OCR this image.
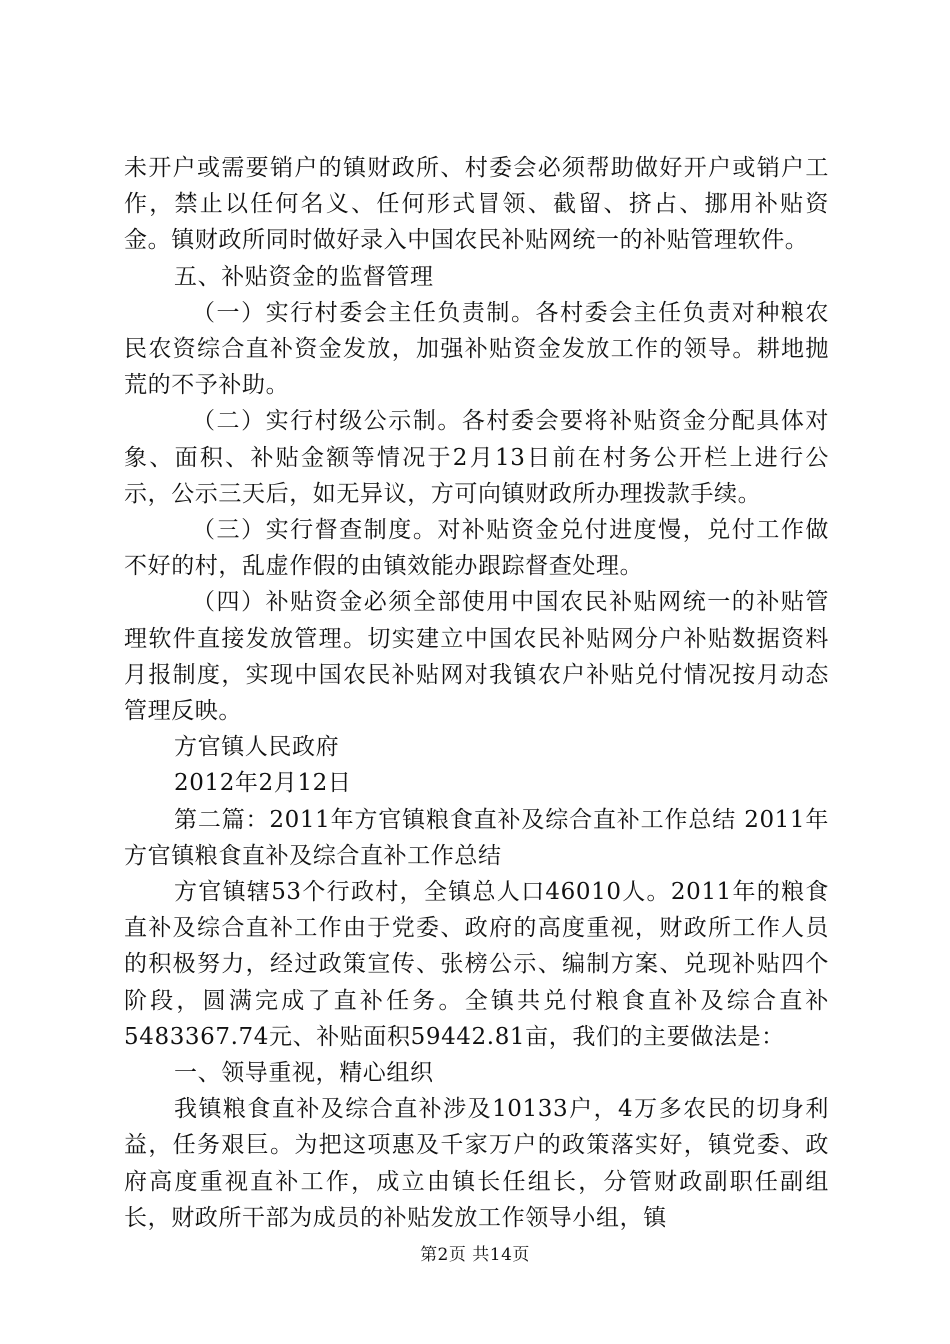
未开户或需要销户的镇财政所、村委会必须帮助做好开户或销户工作，禁止以任何名义、任何形式冒领、截留、挤占、挪用补贴资金。镇财政所同时做好录入中国农民补贴网统一的补贴管理软件。

五、补贴资金的监督管理

（一）实行村委会主任负责制。各村委会主任负责对种粮农民农资综合直补资金发放，加强补贴资金发放工作的领导。耕地抛荒的不予补助。

（二）实行村级公示制。各村委会要将补贴资金分配具体对象、面积、补贴金额等情况于2月13日前在村务公开栏上进行公示，公示三天后，如无异议，方可向镇财政所办理拨款手续。

（三）实行督查制度。对补贴资金兑付进度慢，兑付工作做不好的村，乱虚作假的由镇效能办跟踪督查处理。

（四）补贴资金必须全部使用中国农民补贴网统一的补贴管理软件直接发放管理。切实建立中国农民补贴网分户补贴数据资料月报制度，实现中国农民补贴网对我镇农户补贴兑付情况按月动态管理反映。

方官镇人民政府

2012年2月12日

第二篇：2011年方官镇粮食直补及综合直补工作总结 2011年方官镇粮食直补及综合直补工作总结

方官镇辖53个行政村，全镇总人口46010人。2011年的粮食直补及综合直补工作由于党委、政府的高度重视，财政所工作人员的积极努力，经过政策宣传、张榜公示、编制方案、兑现补贴四个阶段，圆满完成了直补任务。全镇共兑付粮食直补及综合直补5483367.74元、补贴面积59442.81亩，我们的主要做法是：

一、领导重视，精心组织

我镇粮食直补及综合直补涉及10133户，4万多农民的切身利益，任务艰巨。为把这项惠及千家万户的政策落实好，镇党委、政府高度重视直补工作，成立由镇长任组长，分管财政副职任副组长，财政所干部为成员的补贴发放工作领导小组，镇

第2页 共14页
